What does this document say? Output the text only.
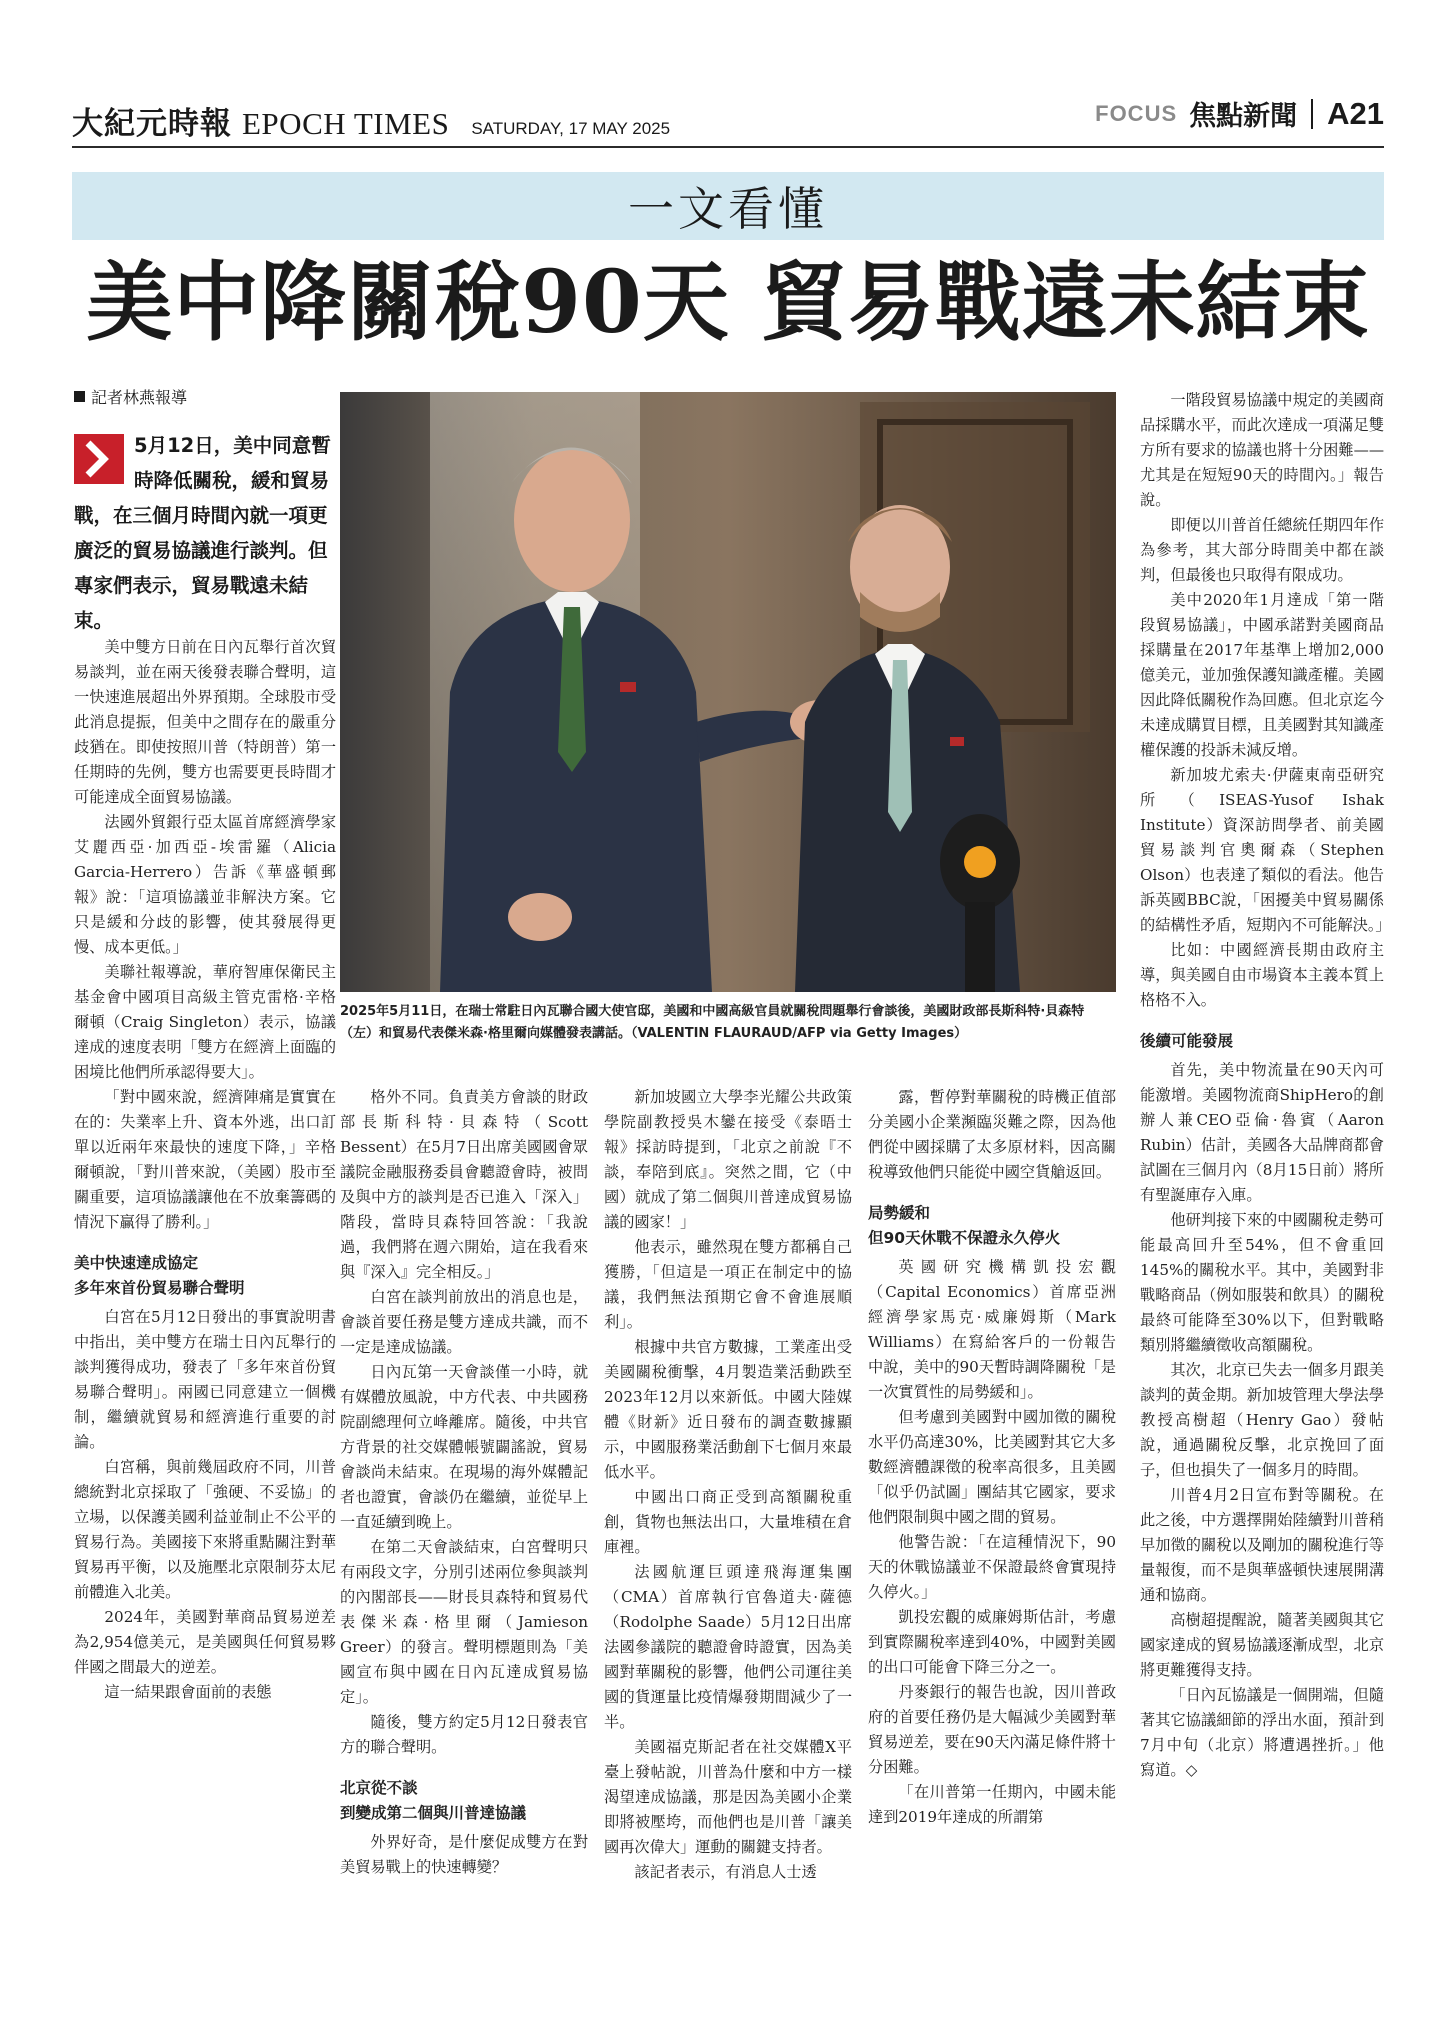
大紀元時報 EPOCH TIMES SATURDAY, 17 MAY 2025
FOCUS 焦點新聞 A21
一文看懂
美中降關稅90天 貿易戰遠未結束
記者林燕報導
5月12日，美中同意暫時降低關稅，緩和貿易戰，在三個月時間內就一項更廣泛的貿易協議進行談判。但專家們表示，貿易戰遠未結束。
2025年5月11日，在瑞士常駐日內瓦聯合國大使官邸，美國和中國高級官員就關稅問題舉行會談後，美國財政部長斯科特·貝森特（左）和貿易代表傑米森·格里爾向媒體發表講話。（VALENTIN FLAURAUD/AFP via Getty Images）

美中雙方日前在日內瓦舉行首次貿易談判，並在兩天後發表聯合聲明，這一快速進展超出外界預期。全球股市受此消息提振，但美中之間存在的嚴重分歧猶在。即使按照川普（特朗普）第一任期時的先例，雙方也需要更長時間才可能達成全面貿易協議。

法國外貿銀行亞太區首席經濟學家艾麗西亞·加西亞-埃雷羅（Alicia Garcia-Herrero）告訴《華盛頓郵報》說：「這項協議並非解決方案。它只是緩和分歧的影響，使其發展得更慢、成本更低。」

美聯社報導說，華府智庫保衛民主基金會中國項目高級主管克雷格·辛格爾頓（Craig Singleton）表示，協議達成的速度表明「雙方在經濟上面臨的困境比他們所承認得要大」。

「對中國來說，經濟陣痛是實實在在的：失業率上升、資本外逃，出口訂單以近兩年來最快的速度下降，」辛格爾頓說，「對川普來說，（美國）股市至關重要，這項協議讓他在不放棄籌碼的情況下贏得了勝利。」

美中快速達成協定
多年來首份貿易聯合聲明

白宮在5月12日發出的事實說明書中指出，美中雙方在瑞士日內瓦舉行的談判獲得成功，發表了「多年來首份貿易聯合聲明」。兩國已同意建立一個機制，繼續就貿易和經濟進行重要的討論。

白宮稱，與前幾屆政府不同，川普總統對北京採取了「強硬、不妥協」的立場，以保護美國利益並制止不公平的貿易行為。美國接下來將重點關注對華貿易再平衡，以及施壓北京限制芬太尼前體進入北美。

2024年，美國對華商品貿易逆差為2,954億美元，是美國與任何貿易夥伴國之間最大的逆差。

這一結果跟會面前的表態

格外不同。負責美方會談的財政部長斯科特·貝森特（Scott Bessent）在5月7日出席美國國會眾議院金融服務委員會聽證會時，被問及與中方的談判是否已進入「深入」階段，當時貝森特回答說：「我說過，我們將在週六開始，這在我看來與『深入』完全相反。」

白宮在談判前放出的消息也是，會談首要任務是雙方達成共識，而不一定是達成協議。

日內瓦第一天會談僅一小時，就有媒體放風說，中方代表、中共國務院副總理何立峰離席。隨後，中共官方背景的社交媒體帳號闢謠說，貿易會談尚未結束。在現場的海外媒體記者也證實，會談仍在繼續，並從早上一直延續到晚上。

在第二天會談結束，白宮聲明只有兩段文字，分別引述兩位參與談判的內閣部長——財長貝森特和貿易代表傑米森·格里爾（Jamieson Greer）的發言。聲明標題則為「美國宣布與中國在日內瓦達成貿易協定」。

隨後，雙方約定5月12日發表官方的聯合聲明。

北京從不談
到變成第二個與川普達協議

外界好奇，是什麼促成雙方在對美貿易戰上的快速轉變？

新加坡國立大學李光耀公共政策學院副教授吳木鑾在接受《泰晤士報》採訪時提到，「北京之前說『不談，奉陪到底』。突然之間，它（中國）就成了第二個與川普達成貿易協議的國家！」

他表示，雖然現在雙方都稱自己獲勝，「但這是一項正在制定中的協議，我們無法預期它會不會進展順利」。

根據中共官方數據，工業產出受美國關稅衝擊，4月製造業活動跌至2023年12月以來新低。中國大陸媒體《財新》近日發布的調查數據顯示，中國服務業活動創下七個月來最低水平。

中國出口商正受到高額關稅重創，貨物也無法出口，大量堆積在倉庫裡。

法國航運巨頭達飛海運集團（CMA）首席執行官魯道夫·薩德（Rodolphe Saade）5月12日出席法國參議院的聽證會時證實，因為美國對華關稅的影響，他們公司運往美國的貨運量比疫情爆發期間減少了一半。

美國福克斯記者在社交媒體X平臺上發帖說，川普為什麼和中方一樣渴望達成協議，那是因為美國小企業即將被壓垮，而他們也是川普「讓美國再次偉大」運動的關鍵支持者。

該記者表示，有消息人士透

露，暫停對華關稅的時機正值部分美國小企業瀕臨災難之際，因為他們從中國採購了太多原材料，因高關稅導致他們只能從中國空貨艙返回。

局勢緩和
但90天休戰不保證永久停火

英國研究機構凱投宏觀（Capital Economics）首席亞洲經濟學家馬克·威廉姆斯（Mark Williams）在寫給客戶的一份報告中說，美中的90天暫時調降關稅「是一次實質性的局勢緩和」。

但考慮到美國對中國加徵的關稅水平仍高達30%，比美國對其它大多數經濟體課徵的稅率高很多，且美國「似乎仍試圖」團結其它國家，要求他們限制與中國之間的貿易。

他警告說：「在這種情況下，90天的休戰協議並不保證最終會實現持久停火。」

凱投宏觀的威廉姆斯估計，考慮到實際關稅率達到40%，中國對美國的出口可能會下降三分之一。

丹麥銀行的報告也說，因川普政府的首要任務仍是大幅減少美國對華貿易逆差，要在90天內滿足條件將十分困難。

「在川普第一任期內，中國未能達到2019年達成的所謂第

一階段貿易協議中規定的美國商品採購水平，而此次達成一項滿足雙方所有要求的協議也將十分困難——尤其是在短短90天的時間內。」報告說。

即便以川普首任總統任期四年作為參考，其大部分時間美中都在談判，但最後也只取得有限成功。

美中2020年1月達成「第一階段貿易協議」，中國承諾對美國商品採購量在2017年基準上增加2,000億美元，並加強保護知識產權。美國因此降低關稅作為回應。但北京迄今未達成購買目標，且美國對其知識產權保護的投訴未減反增。

新加坡尤索夫·伊薩東南亞研究所（ISEAS-Yusof Ishak Institute）資深訪問學者、前美國貿易談判官奧爾森（Stephen Olson）也表達了類似的看法。他告訴英國BBC說，「困擾美中貿易關係的結構性矛盾，短期內不可能解決。」

比如：中國經濟長期由政府主導，與美國自由市場資本主義本質上格格不入。

後續可能發展

首先，美中物流量在90天內可能激增。美國物流商ShipHero的創辦人兼CEO亞倫·魯賓（Aaron Rubin）估計，美國各大品牌商都會試圖在三個月內（8月15日前）將所有聖誕庫存入庫。

他研判接下來的中國關稅走勢可能最高回升至54%，但不會重回145%的關稅水平。其中，美國對非戰略商品（例如服裝和飲具）的關稅最終可能降至30%以下，但對戰略類別將繼續徵收高額關稅。

其次，北京已失去一個多月跟美談判的黃金期。新加坡管理大學法學教授高樹超（Henry Gao）發帖說，通過關稅反擊，北京挽回了面子，但也損失了一個多月的時間。

川普4月2日宣布對等關稅。在此之後，中方選擇開始陸續對川普稍早加徵的關稅以及剛加的關稅進行等量報復，而不是與華盛頓快速展開溝通和協商。

高樹超提醒說，隨著美國與其它國家達成的貿易協議逐漸成型，北京將更難獲得支持。

「日內瓦協議是一個開端，但隨著其它協議細節的浮出水面，預計到7月中旬（北京）將遭遇挫折。」他寫道。◇
